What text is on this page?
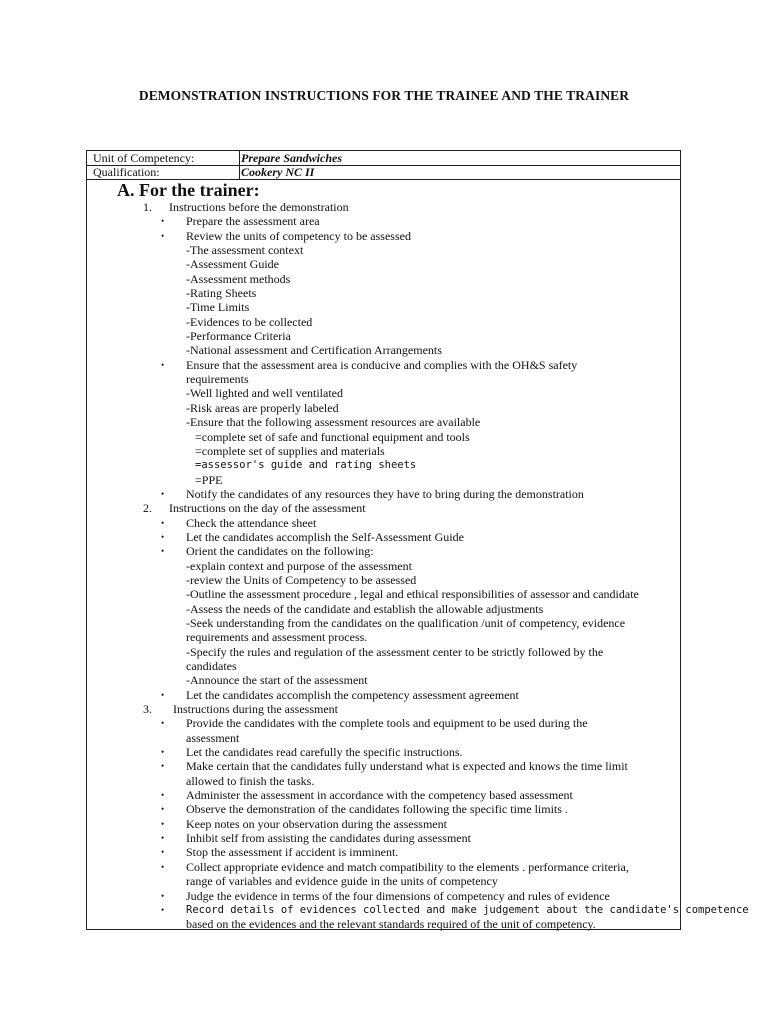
DEMONSTRATION INSTRUCTIONS FOR THE TRAINEE AND THE TRAINER
Unit of Competency:	Prepare Sandwiches
Qualification:	Cookery NC II
A. For the trainer:
1. Instructions before the demonstration
• Prepare the assessment area
• Review the units of competency to be assessed
-The assessment context
-Assessment Guide
-Assessment methods
-Rating Sheets
-Time Limits
-Evidences to be collected
-Performance Criteria
-National assessment and Certification Arrangements
• Ensure that the assessment area is conducive and complies with the OH&S safety
requirements
-Well lighted and well ventilated
-Risk areas are properly labeled
-Ensure that the following assessment resources are available
=complete set of safe and functional equipment and tools
=complete set of supplies and materials
=assessor's guide and rating sheets
=PPE
• Notify the candidates of any resources they have to bring during the demonstration
2. Instructions on the day of the assessment
• Check the attendance sheet
• Let the candidates accomplish the Self-Assessment Guide
• Orient the candidates on the following:
-explain context and purpose of the assessment
-review the Units of Competency to be assessed
-Outline the assessment procedure , legal and ethical responsibilities of assessor and candidate
-Assess the needs of the candidate and establish the allowable adjustments
-Seek understanding from the candidates on the qualification /unit of competency, evidence
requirements and assessment process.
-Specify the rules and regulation of the assessment center to be strictly followed by the
candidates
-Announce the start of the assessment
• Let the candidates accomplish the competency assessment agreement
3. Instructions during the assessment
• Provide the candidates with the complete tools and equipment to be used during the
assessment
• Let the candidates read carefully the specific instructions.
• Make certain that the candidates fully understand what is expected and knows the time limit
allowed to finish the tasks.
• Administer the assessment in accordance with the competency based assessment
• Observe the demonstration of the candidates following the specific time limits .
• Keep notes on your observation during the assessment
• Inhibit self from assisting the candidates during assessment
• Stop the assessment if accident is imminent.
• Collect appropriate evidence and match compatibility to the elements . performance criteria,
range of variables and evidence guide in the units of competency
• Judge the evidence in terms of the four dimensions of competency and rules of evidence
• Record details of evidences collected and make judgement about the candidate's competence
based on the evidences and the relevant standards required of the unit of competency.
